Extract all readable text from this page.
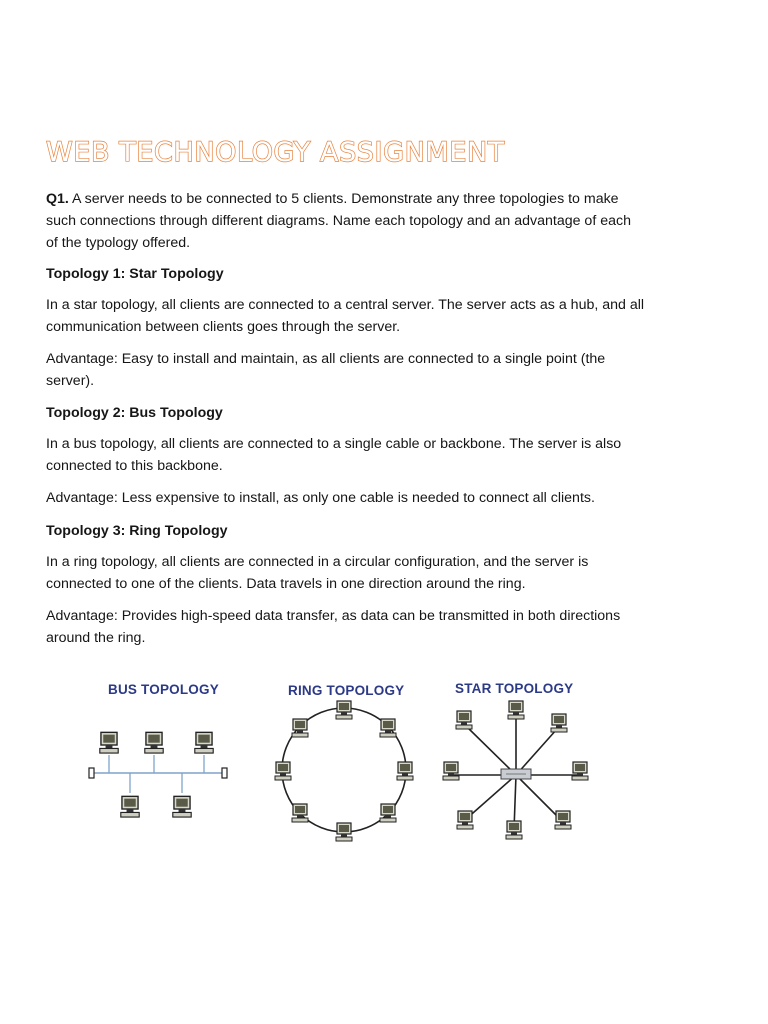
WEB TECHNOLOGY ASSIGNMENT
Q1. A server needs to be connected to 5 clients. Demonstrate any three topologies to make such connections through different diagrams. Name each topology and an advantage of each of the typology offered.
Topology 1: Star Topology
In a star topology, all clients are connected to a central server. The server acts as a hub, and all communication between clients goes through the server.
Advantage: Easy to install and maintain, as all clients are connected to a single point (the server).
Topology 2: Bus Topology
In a bus topology, all clients are connected to a single cable or backbone. The server is also connected to this backbone.
Advantage: Less expensive to install, as only one cable is needed to connect all clients.
Topology 3: Ring Topology
In a ring topology, all clients are connected in a circular configuration, and the server is connected to one of the clients. Data travels in one direction around the ring.
Advantage: Provides high-speed data transfer, as data can be transmitted in both directions around the ring.
BUS TOPOLOGY	RING TOPOLOGY	STAR TOPOLOGY
